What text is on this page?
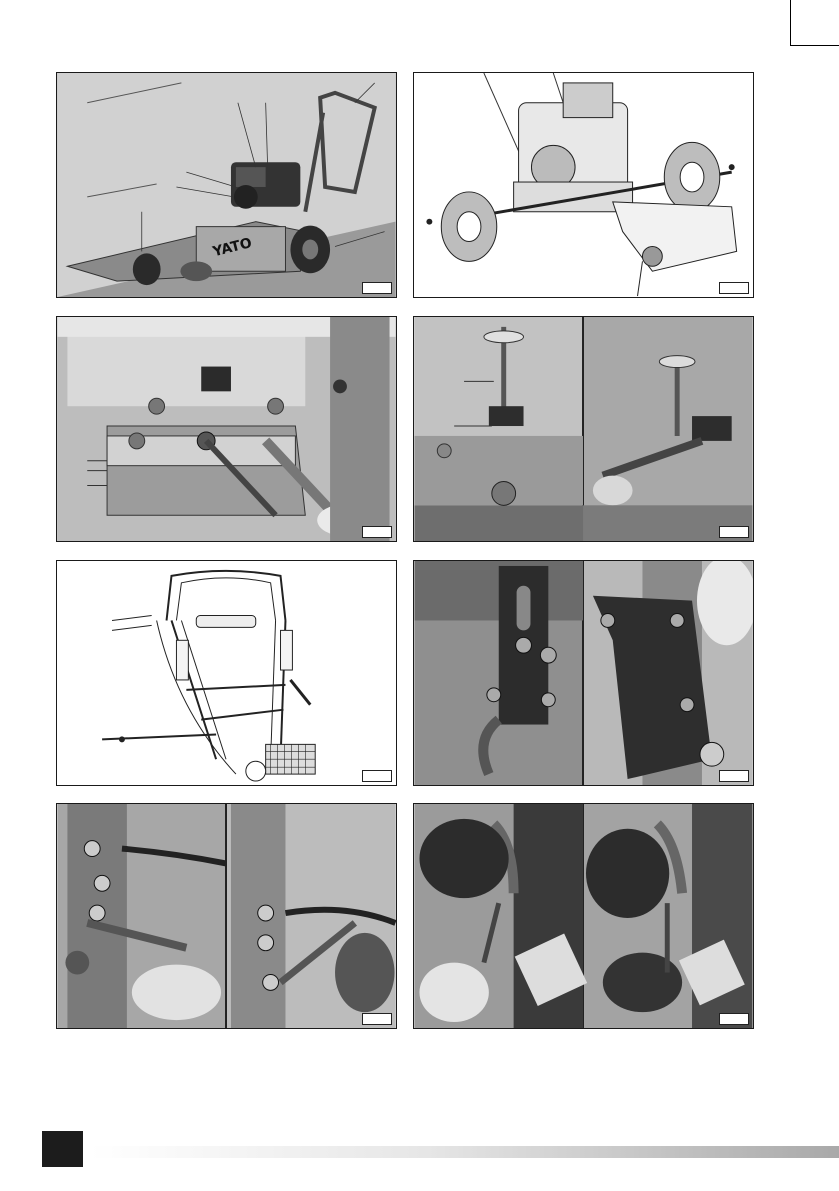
YATO
